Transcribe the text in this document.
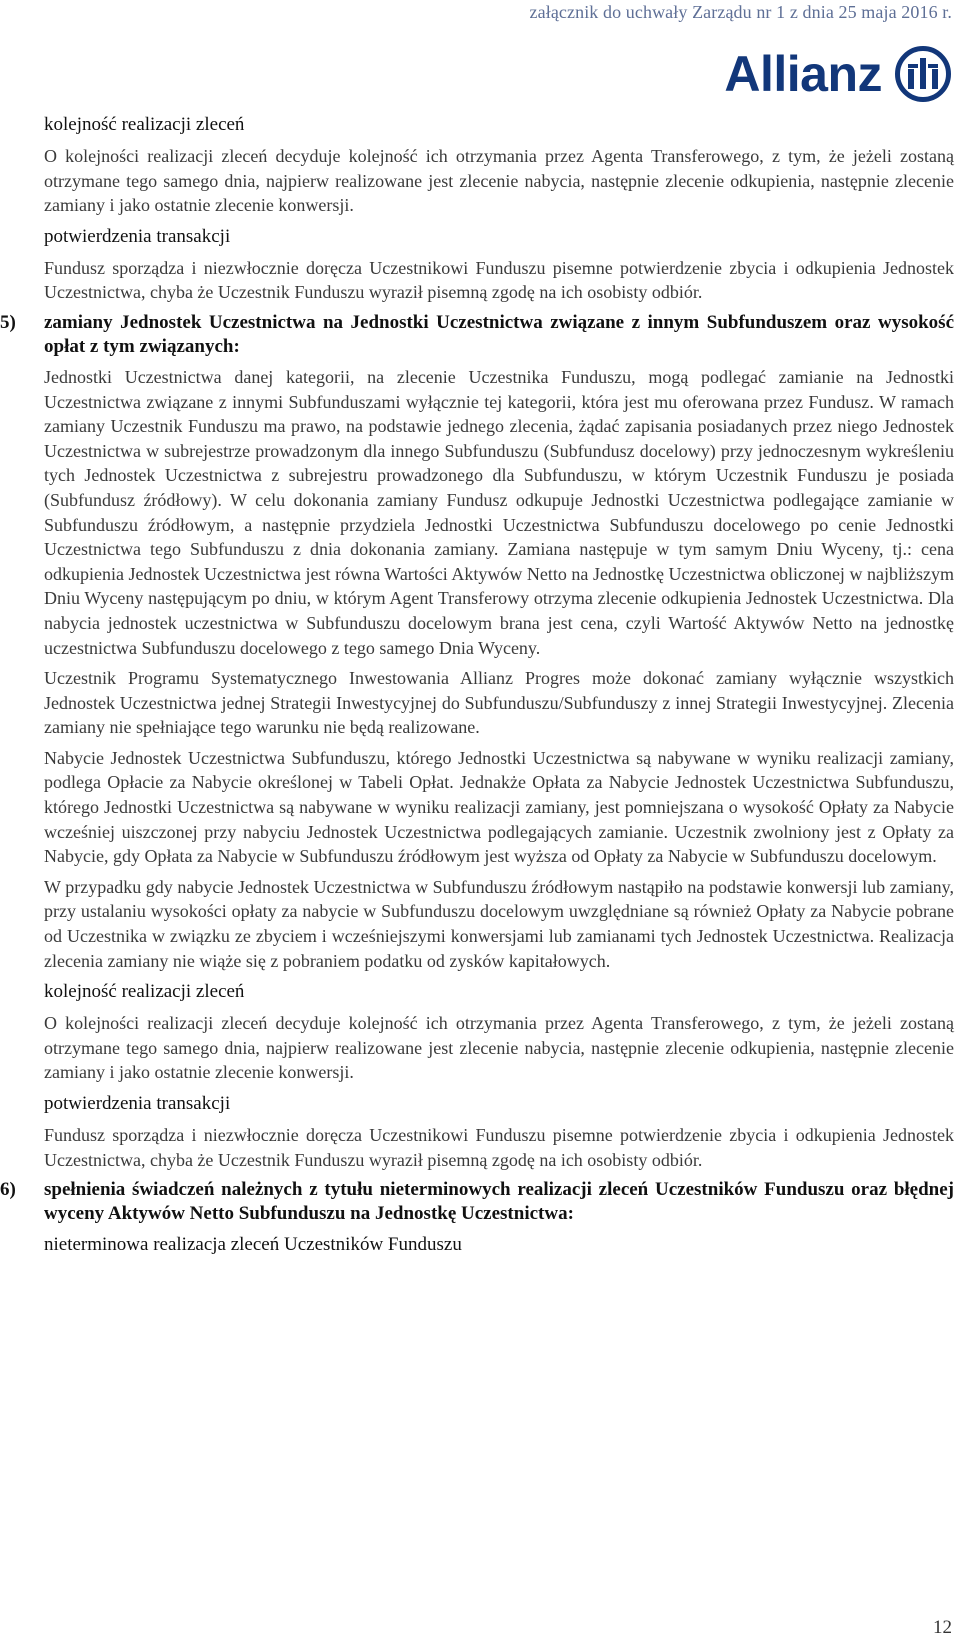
załącznik do uchwały Zarządu nr 1 z dnia 25 maja 2016 r.
Allianz
kolejność realizacji zleceń
O kolejności realizacji zleceń decyduje kolejność ich otrzymania przez Agenta Transferowego, z tym, że jeżeli zostaną otrzymane tego samego dnia, najpierw realizowane jest zlecenie nabycia, następnie zlecenie odkupienia, następnie zlecenie zamiany i jako ostatnie zlecenie konwersji.
potwierdzenia transakcji
Fundusz sporządza i niezwłocznie doręcza Uczestnikowi Funduszu pisemne potwierdzenie zbycia i odkupienia Jednostek Uczestnictwa, chyba że Uczestnik Funduszu wyraził pisemną zgodę na ich osobisty odbiór.
5) zamiany Jednostek Uczestnictwa na Jednostki Uczestnictwa związane z innym Subfunduszem oraz wysokość opłat z tym związanych:
Jednostki Uczestnictwa danej kategorii, na zlecenie Uczestnika Funduszu, mogą podlegać zamianie na Jednostki Uczestnictwa związane z innymi Subfunduszami wyłącznie tej kategorii, która jest mu oferowana przez Fundusz. W ramach zamiany Uczestnik Funduszu ma prawo, na podstawie jednego zlecenia, żądać zapisania posiadanych przez niego Jednostek Uczestnictwa w subrejestrze prowadzonym dla innego Subfunduszu (Subfundusz docelowy) przy jednoczesnym wykreśleniu tych Jednostek Uczestnictwa z subrejestru prowadzonego dla Subfunduszu, w którym Uczestnik Funduszu je posiada (Subfundusz źródłowy). W celu dokonania zamiany Fundusz odkupuje Jednostki Uczestnictwa podlegające zamianie w Subfunduszu źródłowym, a następnie przydziela Jednostki Uczestnictwa Subfunduszu docelowego po cenie Jednostki Uczestnictwa tego Subfunduszu z dnia dokonania zamiany. Zamiana następuje w tym samym Dniu Wyceny, tj.: cena odkupienia Jednostek Uczestnictwa jest równa Wartości Aktywów Netto na Jednostkę Uczestnictwa obliczonej w najbliższym Dniu Wyceny następującym po dniu, w którym Agent Transferowy otrzyma zlecenie odkupienia Jednostek Uczestnictwa. Dla nabycia jednostek uczestnictwa w Subfunduszu docelowym brana jest cena, czyli Wartość Aktywów Netto na jednostkę uczestnictwa Subfunduszu docelowego z tego samego Dnia Wyceny.
Uczestnik Programu Systematycznego Inwestowania Allianz Progres może dokonać zamiany wyłącznie wszystkich Jednostek Uczestnictwa jednej Strategii Inwestycyjnej do Subfunduszu/Subfunduszy z innej Strategii Inwestycyjnej. Zlecenia zamiany nie spełniające tego warunku nie będą realizowane.
Nabycie Jednostek Uczestnictwa Subfunduszu, którego Jednostki Uczestnictwa są nabywane w wyniku realizacji zamiany, podlega Opłacie za Nabycie określonej w Tabeli Opłat. Jednakże Opłata za Nabycie Jednostek Uczestnictwa Subfunduszu, którego Jednostki Uczestnictwa są nabywane w wyniku realizacji zamiany, jest pomniejszana o wysokość Opłaty za Nabycie wcześniej uiszczonej przy nabyciu Jednostek Uczestnictwa podlegających zamianie. Uczestnik zwolniony jest z Opłaty za Nabycie, gdy Opłata za Nabycie w Subfunduszu źródłowym jest wyższa od Opłaty za Nabycie w Subfunduszu docelowym.
W przypadku gdy nabycie Jednostek Uczestnictwa w Subfunduszu źródłowym nastąpiło na podstawie konwersji lub zamiany, przy ustalaniu wysokości opłaty za nabycie w Subfunduszu docelowym uwzględniane są również Opłaty za Nabycie pobrane od Uczestnika w związku ze zbyciem i wcześniejszymi konwersjami lub zamianami tych Jednostek Uczestnictwa. Realizacja zlecenia zamiany nie wiąże się z pobraniem podatku od zysków kapitałowych.
kolejność realizacji zleceń
O kolejności realizacji zleceń decyduje kolejność ich otrzymania przez Agenta Transferowego, z tym, że jeżeli zostaną otrzymane tego samego dnia, najpierw realizowane jest zlecenie nabycia, następnie zlecenie odkupienia, następnie zlecenie zamiany i jako ostatnie zlecenie konwersji.
potwierdzenia transakcji
Fundusz sporządza i niezwłocznie doręcza Uczestnikowi Funduszu pisemne potwierdzenie zbycia i odkupienia Jednostek Uczestnictwa, chyba że Uczestnik Funduszu wyraził pisemną zgodę na ich osobisty odbiór.
6) spełnienia świadczeń należnych z tytułu nieterminowych realizacji zleceń Uczestników Funduszu oraz błędnej wyceny Aktywów Netto Subfunduszu na Jednostkę Uczestnictwa:
nieterminowa realizacja zleceń Uczestników Funduszu
12
